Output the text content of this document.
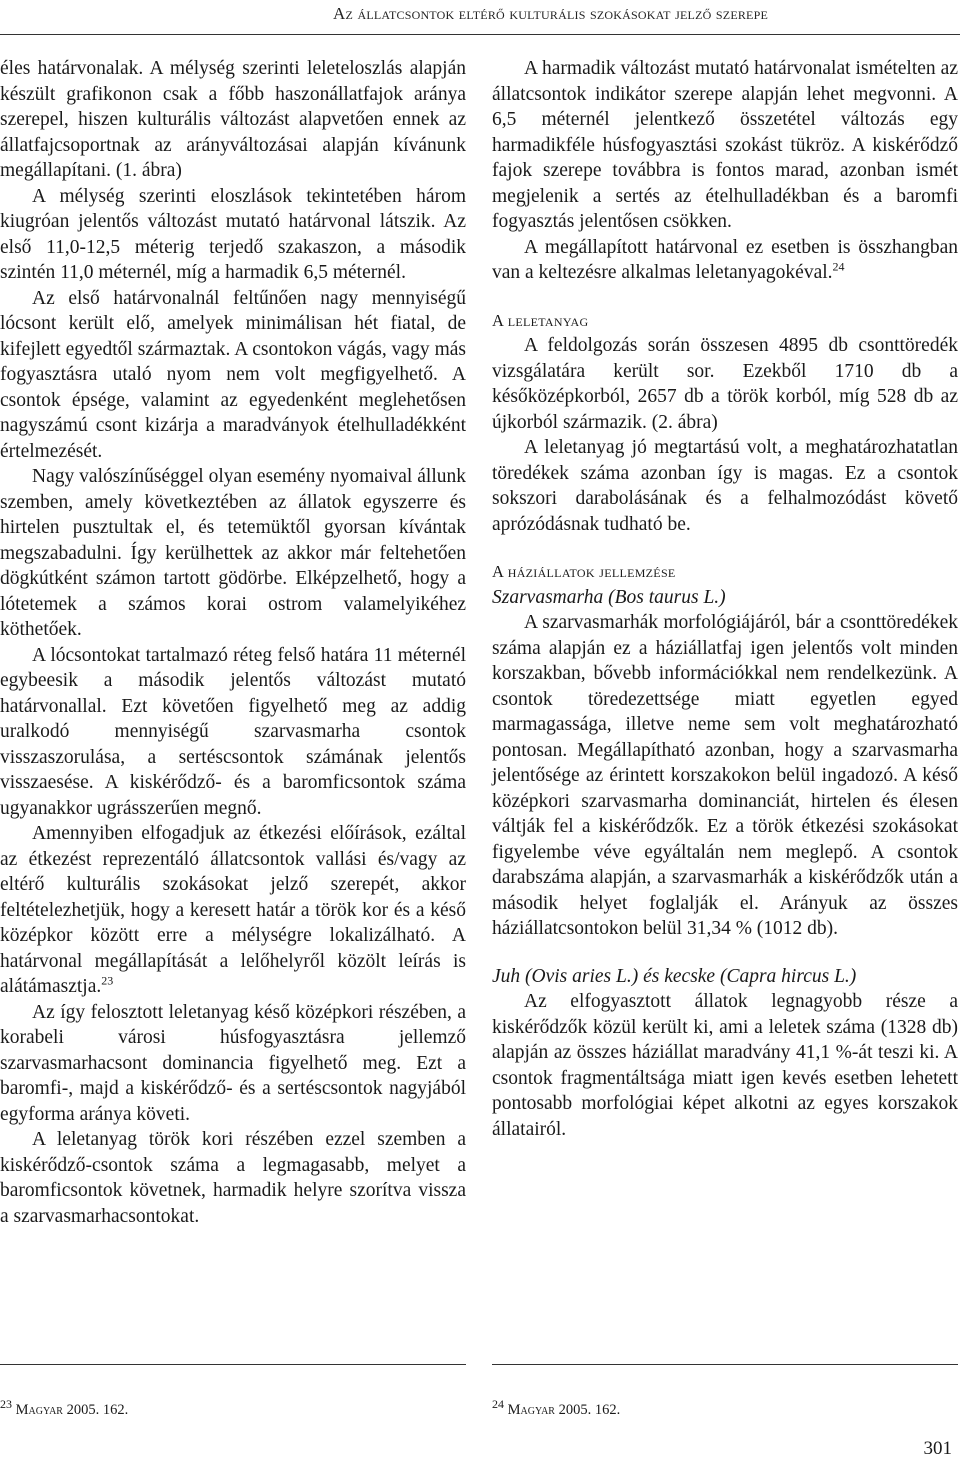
Az állatcsontok eltérő kulturális szokásokat jelző szerepe

éles határvonalak. A mélység szerinti leleteloszlás alapján készült grafikonon csak a főbb haszonállatfajok aránya szerepel, hiszen kulturális változást alapvetően ennek az állatfajcsoportnak az arányváltozásai alapján kívánunk megállapítani. (1. ábra)

A mélység szerinti eloszlások tekintetében három kiugróan jelentős változást mutató határvonal látszik. Az első 11,0-12,5 méterig terjedő szakaszon, a második szintén 11,0 méternél, míg a harmadik 6,5 méternél.

Az első határvonalnál feltűnően nagy mennyiségű lócsont került elő, amelyek minimálisan hét fiatal, de kifejlett egyedtől származtak. A csontokon vágás, vagy más fogyasztásra utaló nyom nem volt megfigyelhető. A csontok épsége, valamint az egyedenként meglehetősen nagyszámú csont kizárja a maradványok ételhulladékként értelmezését.

Nagy valószínűséggel olyan esemény nyomaival állunk szemben, amely következtében az állatok egyszerre és hirtelen pusztultak el, és tetemüktől gyorsan kívántak megszabadulni. Így kerülhettek az akkor már feltehetően dögkútként számon tartott gödörbe. Elképzelhető, hogy a lótetemek a számos korai ostrom valamelyikéhez köthetőek.

A lócsontokat tartalmazó réteg felső határa 11 méternél egybeesik a második jelentős változást mutató határvonallal. Ezt követően figyelhető meg az addig uralkodó mennyiségű szarvasmarha csontok visszaszorulása, a sertéscsontok számának jelentős visszaesése. A kiskérődző- és a baromficsontok száma ugyanakkor ugrásszerűen megnő.

Amennyiben elfogadjuk az étkezési előírások, ezáltal az étkezést reprezentáló állatcsontok vallási és/vagy az eltérő kulturális szokásokat jelző szerepét, akkor feltételezhetjük, hogy a keresett határ a török kor és a késő középkor között erre a mélységre lokalizálható. A határvonal megállapítását a lelőhelyről közölt leírás is alátámasztja.$^{23}$

Az így felosztott leletanyag késő középkori részében, a korabeli városi húsfogyasztásra jellemző szarvasmarhacsont dominancia figyelhető meg. Ezt a baromfi-, majd a kiskérődző- és a sertéscsontok nagyjából egyforma aránya követi.

A leletanyag török kori részében ezzel szemben a kiskérődző-csontok száma a legmagasabb, melyet a baromficsontok követnek, harmadik helyre szorítva vissza a szarvasmarhacsontokat.

A harmadik változást mutató határvonalat ismételten az állatcsontok indikátor szerepe alapján lehet megvonni. A 6,5 méternél jelentkező összetétel változás egy harmadikféle húsfogyasztási szokást tükröz. A kiskérődző fajok szerepe továbbra is fontos marad, azonban ismét megjelenik a sertés az ételhulladékban és a baromfi fogyasztás jelentősen csökken.

A megállapított határvonal ez esetben is összhangban van a keltezésre alkalmas leletanyagokéval.$^{24}$

A leletanyag

A feldolgozás során összesen 4895 db csonttöredék vizsgálatára került sor. Ezekből 1710 db a későközépkorból, 2657 db a török korból, míg 528 db az újkorból származik. (2. ábra)

A leletanyag jó megtartású volt, a meghatározhatatlan töredékek száma azonban így is magas. Ez a csontok sokszori darabolásának és a felhalmozódást követő aprózódásnak tudható be.

A háziállatok jellemzése
Szarvasmarha (Bos taurus L.)

A szarvasmarhák morfológiájáról, bár a csonttöredékek száma alapján ez a háziállatfaj igen jelentős volt minden korszakban, bővebb információkkal nem rendelkezünk. A csontok töredezettsége miatt egyetlen egyed marmagassága, illetve neme sem volt meghatározható pontosan. Megállapítható azonban, hogy a szarvasmarha jelentősége az érintett korszakokon belül ingadozó. A késő középkori szarvasmarha dominanciát, hirtelen és élesen váltják fel a kiskérődzők. Ez a török étkezési szokásokat figyelembe véve egyáltalán nem meglepő. A csontok darabszáma alapján, a szarvasmarhák a kiskérődzők után a második helyet foglalják el. Arányuk az összes háziállatcsontokon belül 31,34 % (1012 db).

Juh (Ovis aries L.) és kecske (Capra hircus L.)

Az elfogyasztott állatok legnagyobb része a kiskérődzők közül került ki, ami a leletek száma (1328 db) alapján az összes háziállat maradvány 41,1 %-át teszi ki. A csontok fragmentáltsága miatt igen kevés esetben lehetett pontosabb morfológiai képet alkotni az egyes korszakok állatairól.

$^{23}$ Magyar 2005. 162.	$^{24}$ Magyar 2005. 162.
301
